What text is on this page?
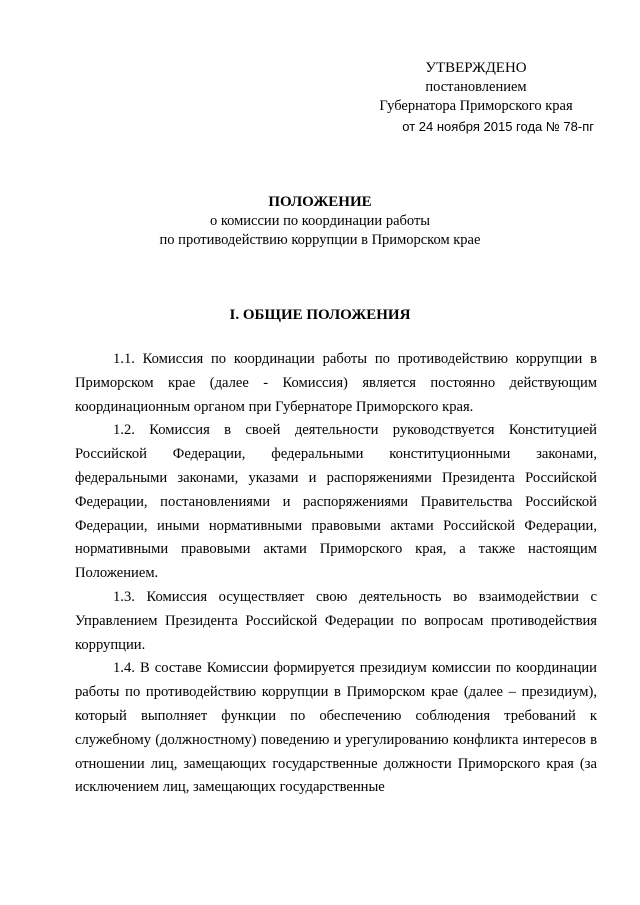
УТВЕРЖДЕНО
постановлением
Губернатора Приморского края
от 24 ноября 2015 года № 78-пг
ПОЛОЖЕНИЕ
о комиссии по координации работы
по противодействию коррупции в Приморском крае
I. ОБЩИЕ ПОЛОЖЕНИЯ

1.1. Комиссия по координации работы по противодействию коррупции в Приморском крае (далее - Комиссия) является постоянно действующим координационным органом при Губернаторе Приморского края.

1.2. Комиссия в своей деятельности руководствуется Конституцией Российской Федерации, федеральными конституционными законами, федеральными законами, указами и распоряжениями Президента Российской Федерации, постановлениями и распоряжениями Правительства Российской Федерации, иными нормативными правовыми актами Российской Федерации, нормативными правовыми актами Приморского края, а также настоящим Положением.

1.3. Комиссия осуществляет свою деятельность во взаимодействии с Управлением Президента Российской Федерации по вопросам противодействия коррупции.

1.4. В составе Комиссии формируется президиум комиссии по координации работы по противодействию коррупции в Приморском крае (далее – президиум), который выполняет функции по обеспечению соблюдения требований к служебному (должностному) поведению и урегулированию конфликта интересов в отношении лиц, замещающих государственные должности Приморского края (за исключением лиц, замещающих государственные
